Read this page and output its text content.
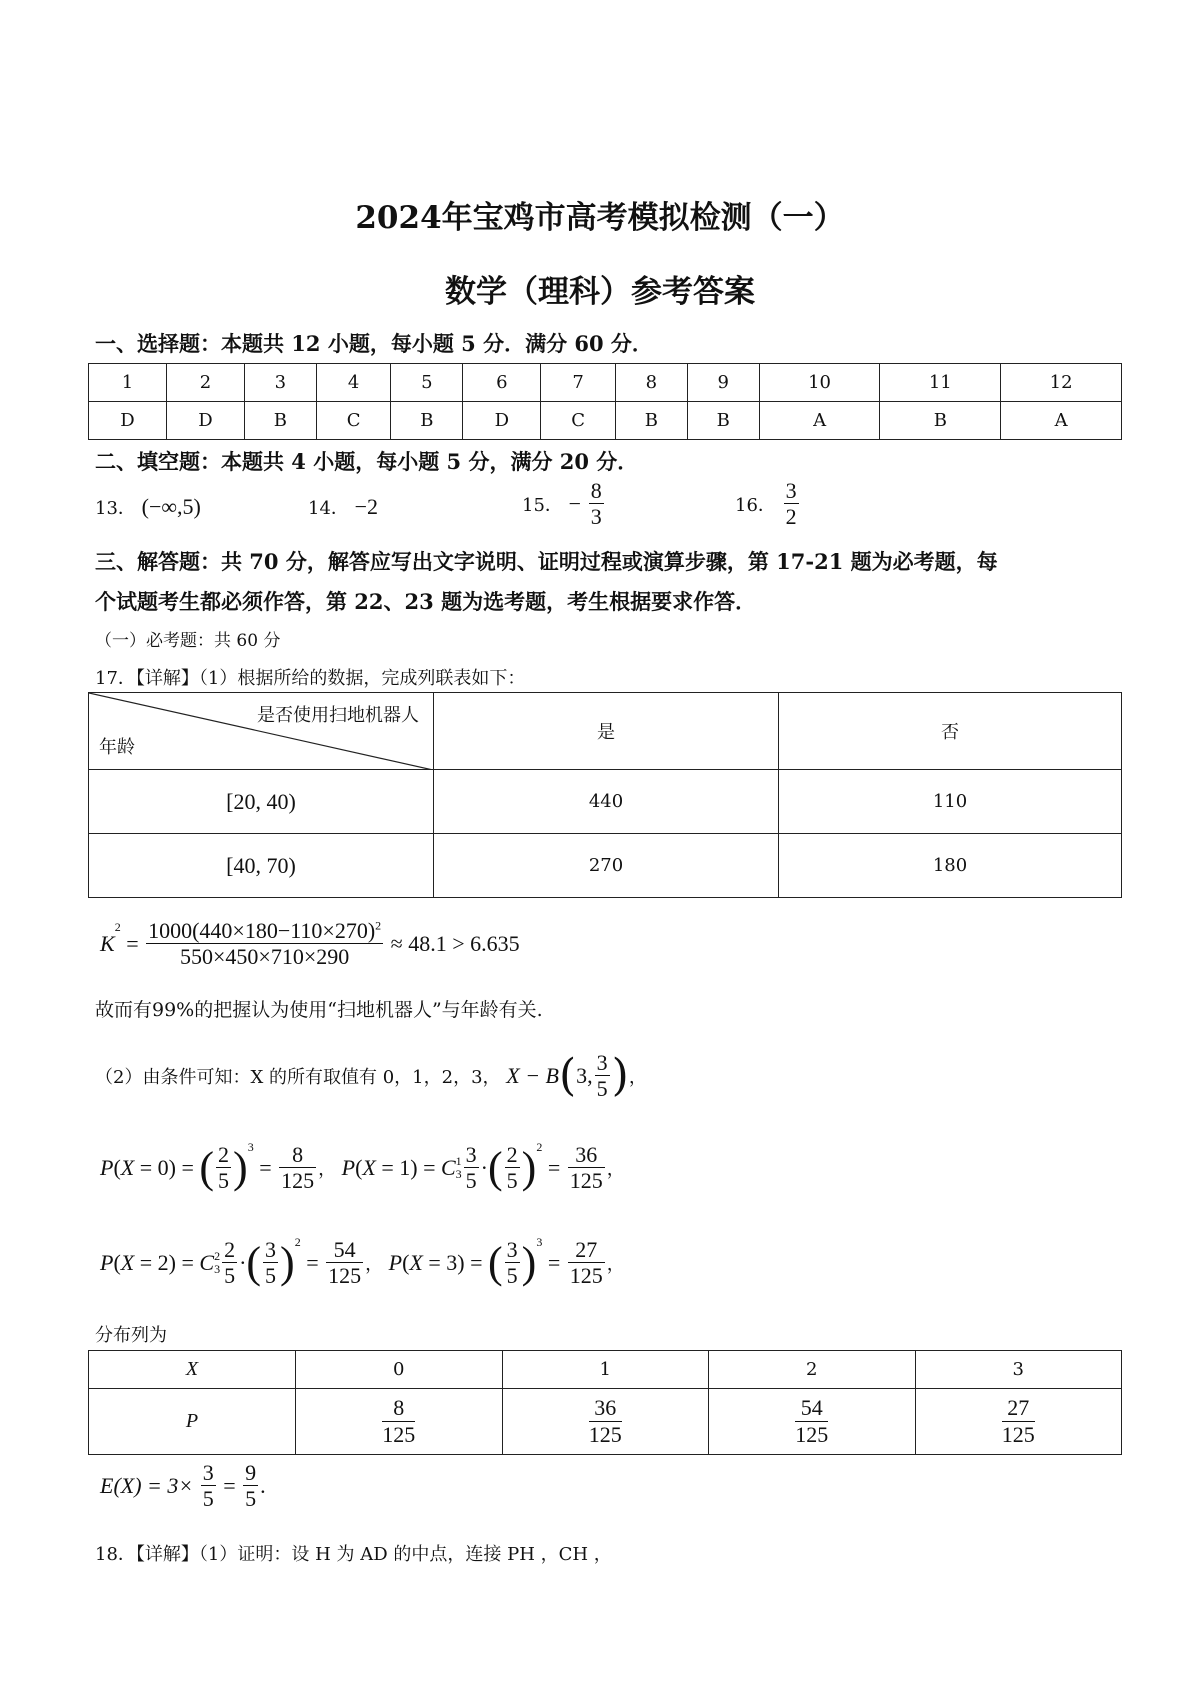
2024年宝鸡市高考模拟检测（一）
数学（理科）参考答案
一、选择题：本题共 12 小题，每小题 5 分．满分 60 分．
1	2	3	4	5	6	7	8	9	10	11	12
D	D	B	C	B	D	C	B	B	A	B	A
二、填空题：本题共 4 小题，每小题 5 分，满分 20 分．
13． (−∞,5)	14． −2	15． − $\frac{8}{3}$	16． $\frac{3}{2}$
三、解答题：共 70 分，解答应写出文字说明、证明过程或演算步骤，第 17-21 题为必考题，每
个试题考生都必须作答，第 22、23 题为选考题，考生根据要求作答．
（一）必考题：共 60 分
17．【详解】（1）根据所给的数据，完成列联表如下：
是否使用扫地机器人
年龄	是	否
[20, 40)	440	110
[40, 70)	270	180
$K^2 = \frac{1000(440\times 180-110\times 270)^2}{550\times 450\times 710\times 290} \approx 48.1 > 6.635$
故而有99%的把握认为使用“扫地机器人”与年龄有关.
（2）由条件可知：X 的所有取值有 0，1，2，3， X − B(3, $\frac{3}{5}$ )，
P(X = 0) = ( $\frac{2}{5} )^3 = \frac{8}{125}$ ， P(X = 1) = C 1
$3 \frac{3}{5}$ ·( $\frac{2}{5} )^2 = \frac{36}{125}$ ，
P(X = 2) = C 2
$3 \frac{2}{5}$ ·( $\frac{3}{5} )^2 = \frac{54}{125}$ ， P(X = 3) = ( $\frac{3}{5} )^3 = \frac{27}{125}$ ，
分布列为
X	0	1	2	3
P	$\frac{8}{125}$	$\frac{36}{125}$	$\frac{54}{125}$	$\frac{27}{125}$
$E(X) = 3\times \frac{3}{5} = \frac{9}{5}$ .
18．【详解】（1）证明：设 H 为 AD 的中点，连接 PH ，CH ，
